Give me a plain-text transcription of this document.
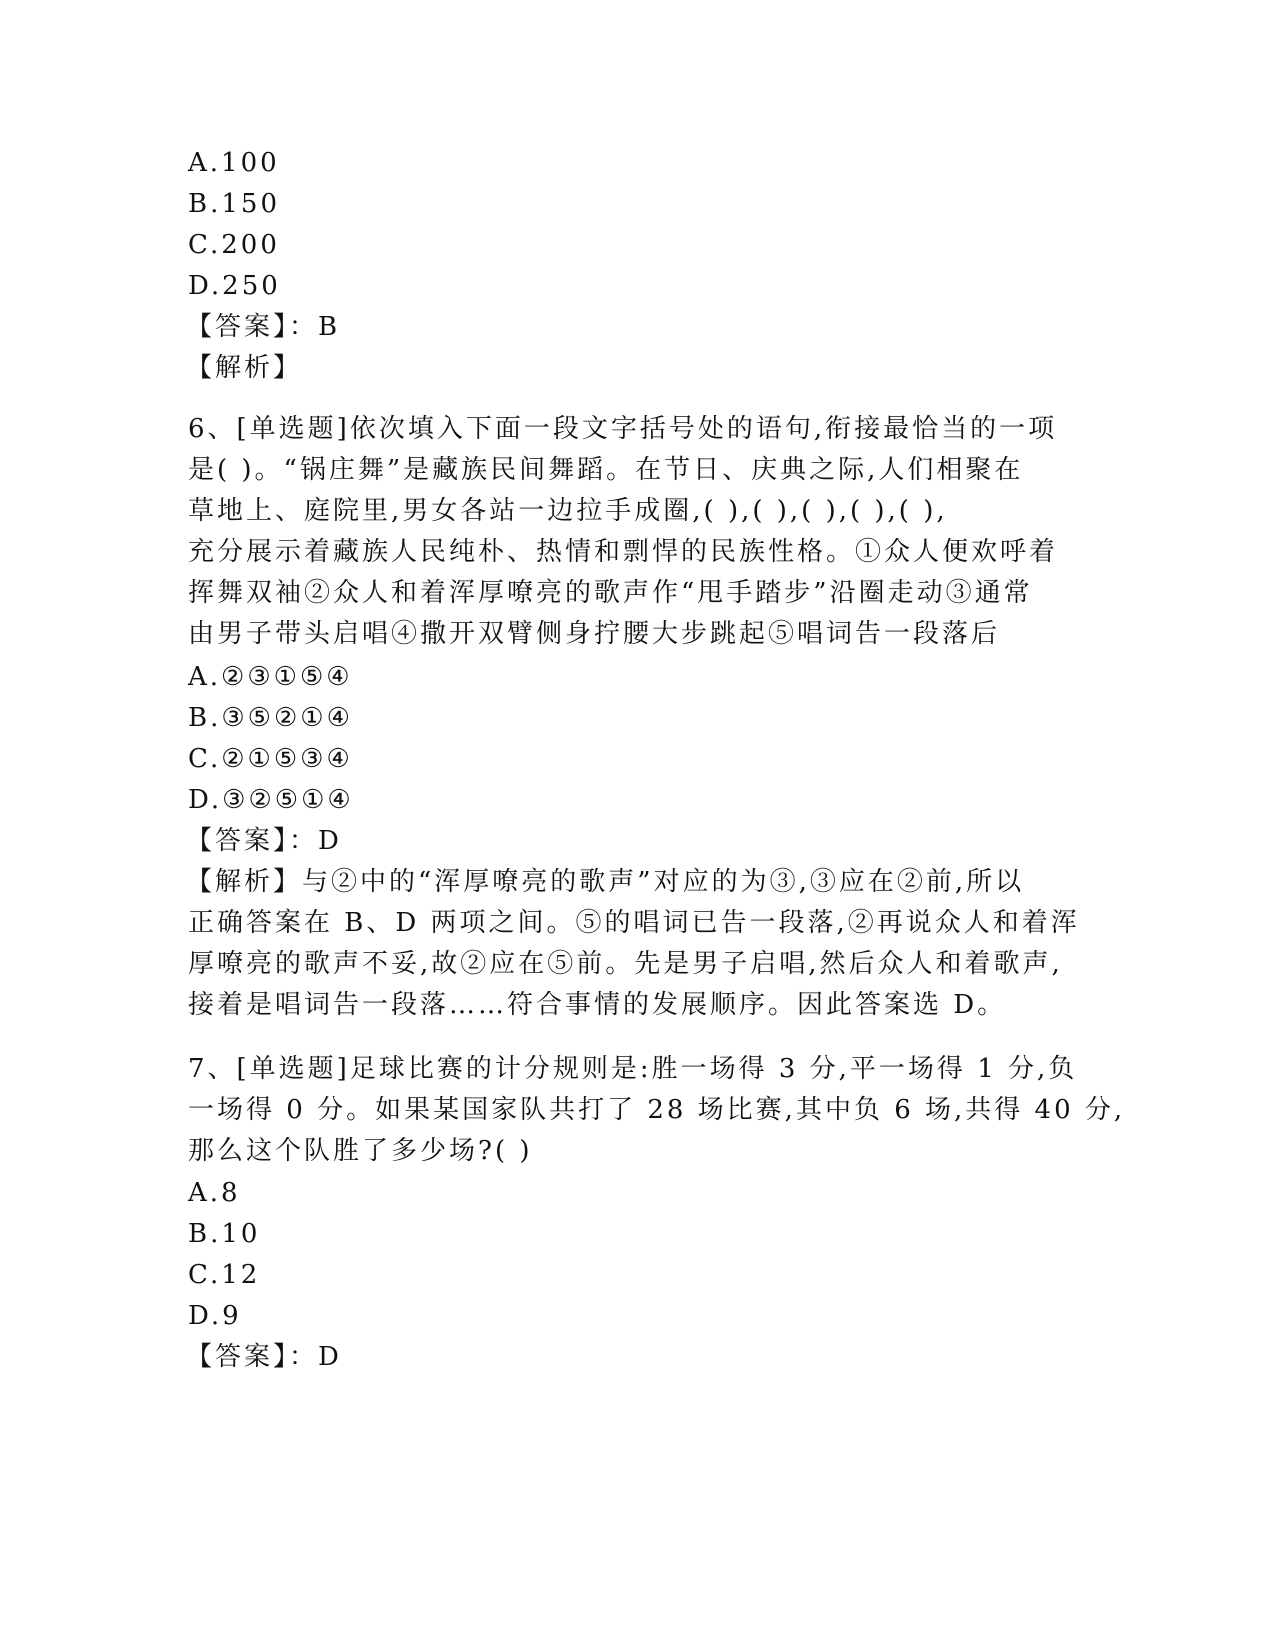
A.100
B.150
C.200
D.250
【答案】：B
【解析】
6、[单选题]依次填入下面一段文字括号处的语句,衔接最恰当的一项
是( )。“锅庄舞”是藏族民间舞蹈。在节日、庆典之际,人们相聚在
草地上、庭院里,男女各站一边拉手成圈,( ),( ),( ),( ),( ),
充分展示着藏族人民纯朴、热情和剽悍的民族性格。①众人便欢呼着
挥舞双袖②众人和着浑厚嘹亮的歌声作“甩手踏步”沿圈走动③通常
由男子带头启唱④撒开双臂侧身拧腰大步跳起⑤唱词告一段落后
A.②③①⑤④
B.③⑤②①④
C.②①⑤③④
D.③②⑤①④
【答案】：D
【解析】与②中的“浑厚嘹亮的歌声”对应的为③,③应在②前,所以
正确答案在 B、D 两项之间。⑤的唱词已告一段落,②再说众人和着浑
厚嘹亮的歌声不妥,故②应在⑤前。先是男子启唱,然后众人和着歌声,
接着是唱词告一段落……符合事情的发展顺序。因此答案选 D。
7、[单选题]足球比赛的计分规则是:胜一场得 3 分,平一场得 1 分,负
一场得 0 分。如果某国家队共打了 28 场比赛,其中负 6 场,共得 40 分,
那么这个队胜了多少场?( )
A.8
B.10
C.12
D.9
【答案】：D
